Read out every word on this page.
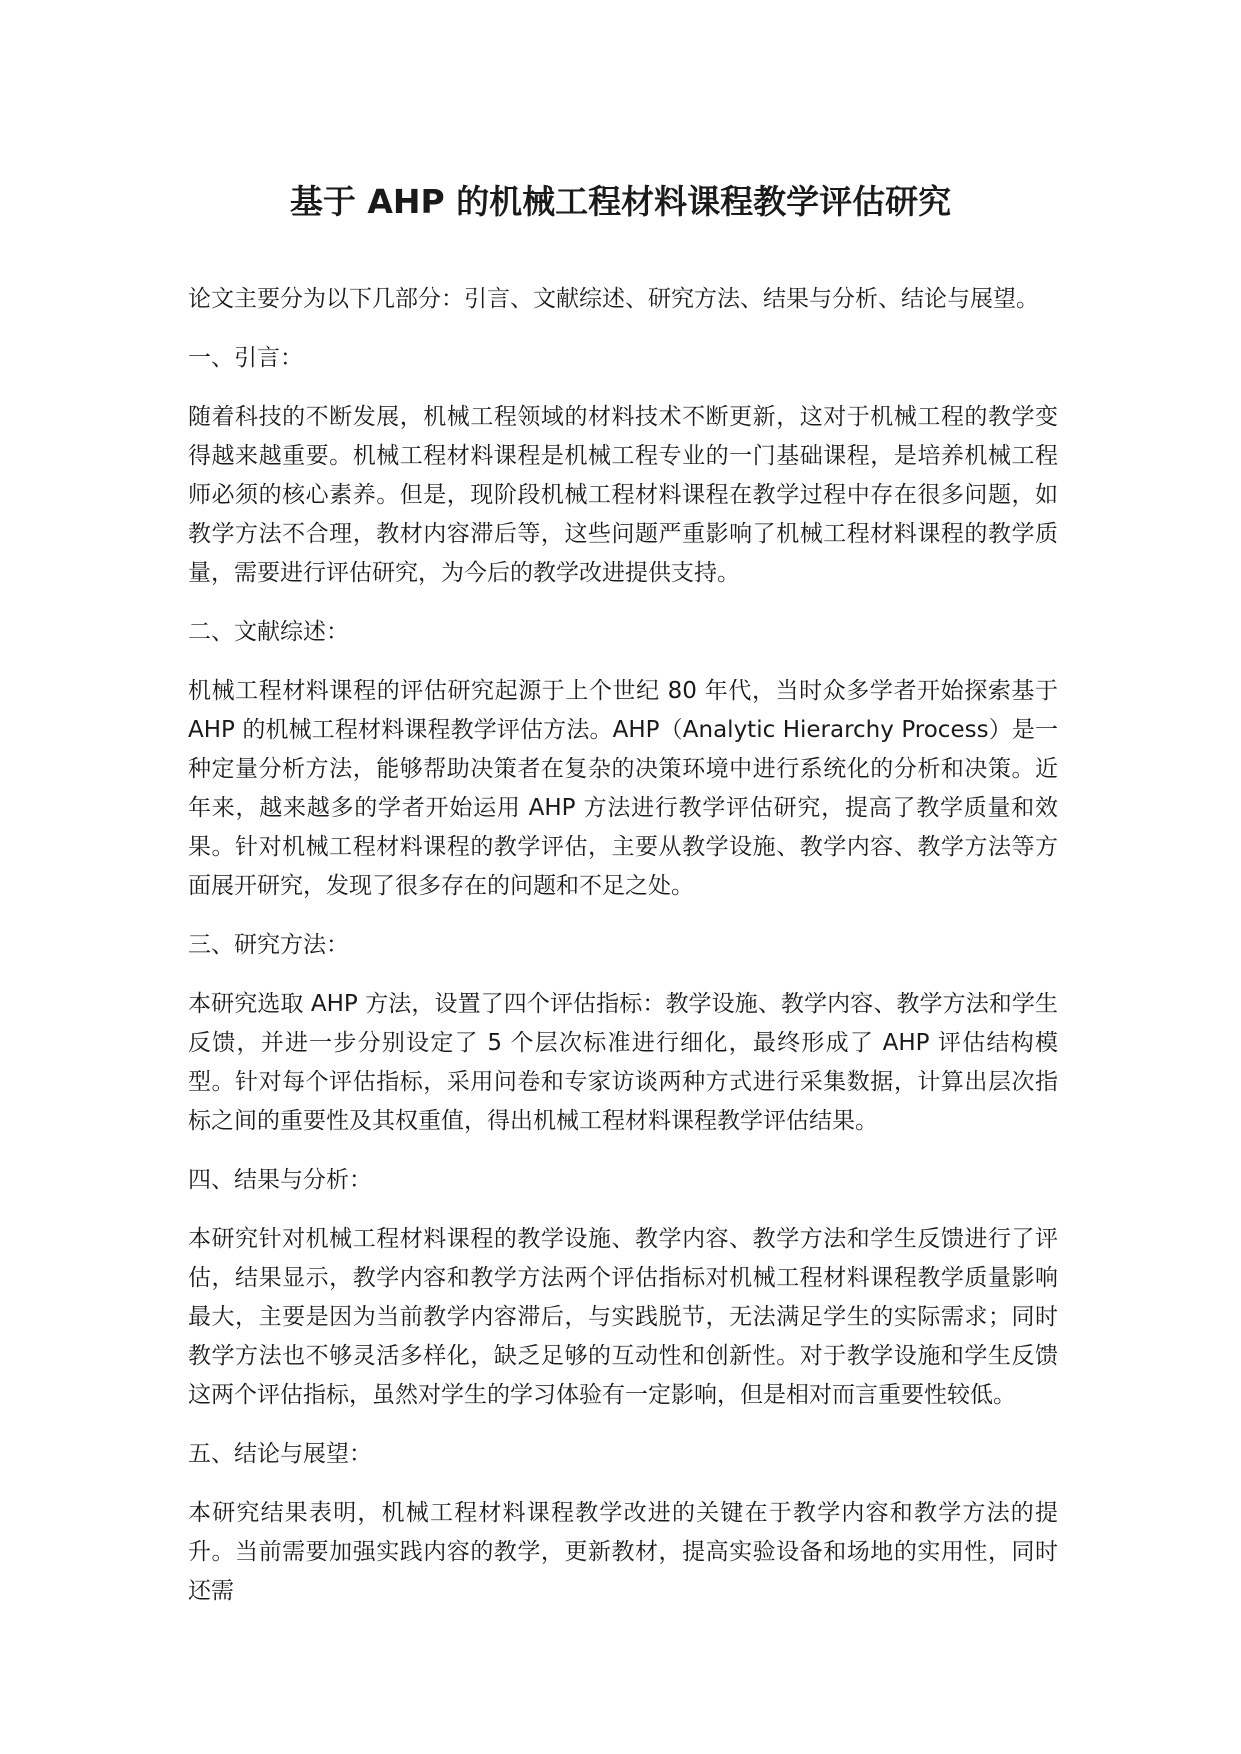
基于 AHP 的机械工程材料课程教学评估研究

论文主要分为以下几部分：引言、文献综述、研究方法、结果与分析、结论与展望。

一、引言：

随着科技的不断发展，机械工程领域的材料技术不断更新，这对于机械工程的教学变得越来越重要。机械工程材料课程是机械工程专业的一门基础课程，是培养机械工程师必须的核心素养。但是，现阶段机械工程材料课程在教学过程中存在很多问题，如教学方法不合理，教材内容滞后等，这些问题严重影响了机械工程材料课程的教学质量，需要进行评估研究，为今后的教学改进提供支持。

二、文献综述：

机械工程材料课程的评估研究起源于上个世纪 80 年代，当时众多学者开始探索基于 AHP 的机械工程材料课程教学评估方法。AHP（Analytic Hierarchy Process）是一种定量分析方法，能够帮助决策者在复杂的决策环境中进行系统化的分析和决策。近年来，越来越多的学者开始运用 AHP 方法进行教学评估研究，提高了教学质量和效果。针对机械工程材料课程的教学评估，主要从教学设施、教学内容、教学方法等方面展开研究，发现了很多存在的问题和不足之处。

三、研究方法：

本研究选取 AHP 方法，设置了四个评估指标：教学设施、教学内容、教学方法和学生反馈，并进一步分别设定了 5 个层次标准进行细化，最终形成了 AHP 评估结构模型。针对每个评估指标，采用问卷和专家访谈两种方式进行采集数据，计算出层次指标之间的重要性及其权重值，得出机械工程材料课程教学评估结果。

四、结果与分析：

本研究针对机械工程材料课程的教学设施、教学内容、教学方法和学生反馈进行了评估，结果显示，教学内容和教学方法两个评估指标对机械工程材料课程教学质量影响最大，主要是因为当前教学内容滞后，与实践脱节，无法满足学生的实际需求；同时教学方法也不够灵活多样化，缺乏足够的互动性和创新性。对于教学设施和学生反馈这两个评估指标，虽然对学生的学习体验有一定影响，但是相对而言重要性较低。

五、结论与展望：

本研究结果表明，机械工程材料课程教学改进的关键在于教学内容和教学方法的提升。当前需要加强实践内容的教学，更新教材，提高实验设备和场地的实用性，同时还需
